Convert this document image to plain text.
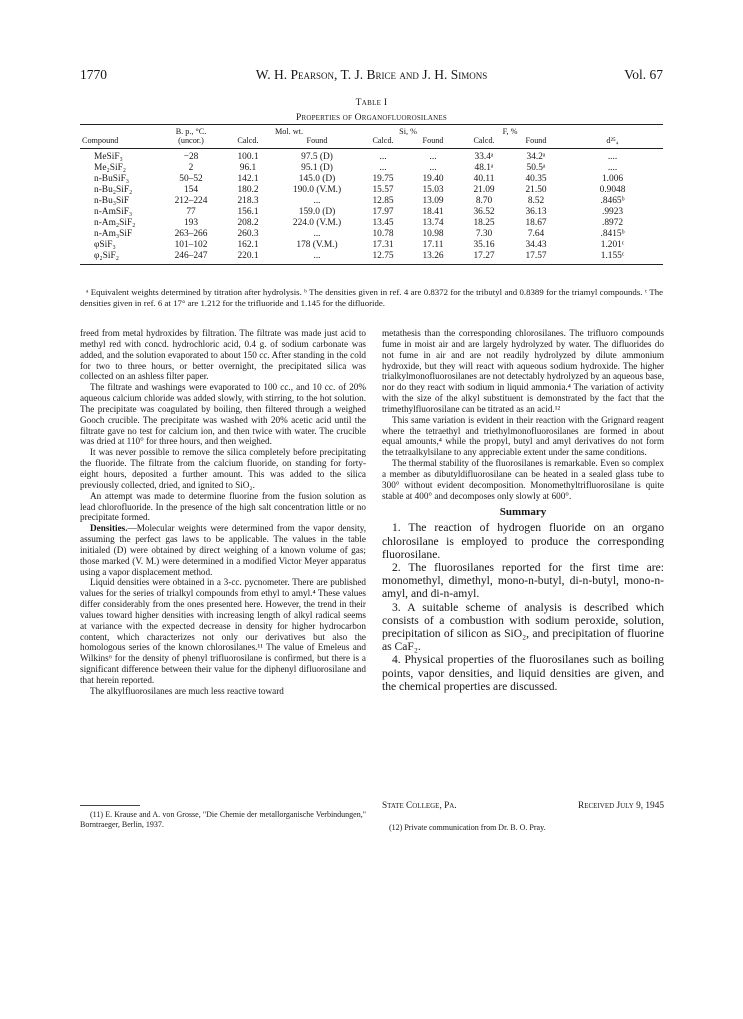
1770	W. H. Pearson, T. J. Brice and J. H. Simons	Vol. 67
Table I
Properties of Organofluorosilanes
	B. p., °C.	Mol. wt.		Si, %		F, %		
Compound	(uncor.)	Calcd.	Found	Calcd.	Found	Calcd.	Found	d²⁵₄
MeSiF₃	−28	100.1	97.5 (D)	...	...	33.4ᵃ	34.2ᵃ	....
Me₂SiF₂	2	96.1	95.1 (D)	...	...	48.1ᵃ	50.5ᵃ	....
n-BuSiF₃	50–52	142.1	145.0 (D)	19.75	19.40	40.11	40.35	1.006
n-Bu₂SiF₂	154	180.2	190.0 (V.M.)	15.57	15.03	21.09	21.50	0.9048
n-Bu₃SiF	212–224	218.3	...	12.85	13.09	8.70	8.52	.8465ᵇ
n-AmSiF₃	77	156.1	159.0 (D)	17.97	18.41	36.52	36.13	.9923
n-Am₂SiF₂	193	208.2	224.0 (V.M.)	13.45	13.74	18.25	18.67	.8972
n-Am₃SiF	263–266	260.3	...	10.78	10.98	7.30	7.64	.8415ᵇ
φSiF₃	101–102	162.1	178 (V.M.)	17.31	17.11	35.16	34.43	1.201ᶜ
φ₂SiF₂	246–247	220.1	...	12.75	13.26	17.27	17.57	1.155ᶜ
ᵃ Equivalent weights determined by titration after hydrolysis. ᵇ The densities given in ref. 4 are 0.8372 for the tributyl and 0.8389 for the triamyl compounds. ᶜ The densities given in ref. 6 at 17° are 1.212 for the trifluoride and 1.145 for the difluoride.

freed from metal hydroxides by filtration. The filtrate was made just acid to methyl red with concd. hydrochloric acid, 0.4 g. of sodium carbonate was added, and the solution evaporated to about 150 cc. After standing in the cold for two to three hours, or better overnight, the precipitated silica was collected on an ashless filter paper.

The filtrate and washings were evaporated to 100 cc., and 10 cc. of 20% aqueous calcium chloride was added slowly, with stirring, to the hot solution. The precipitate was coagulated by boiling, then filtered through a weighed Gooch crucible. The precipitate was washed with 20% acetic acid until the filtrate gave no test for calcium ion, and then twice with water. The crucible was dried at 110° for three hours, and then weighed.

It was never possible to remove the silica completely before precipitating the fluoride. The filtrate from the calcium fluoride, on standing for forty-eight hours, deposited a further amount. This was added to the silica previously collected, dried, and ignited to SiO₂.

An attempt was made to determine fluorine from the fusion solution as lead chlorofluoride. In the presence of the high salt concentration little or no precipitate formed.

Densities.—Molecular weights were determined from the vapor density, assuming the perfect gas laws to be applicable. The values in the table initialed (D) were obtained by direct weighing of a known volume of gas; those marked (V. M.) were determined in a modified Victor Meyer apparatus using a vapor displacement method.

Liquid densities were obtained in a 3-cc. pycnometer. There are published values for the series of trialkyl compounds from ethyl to amyl.⁴ These values differ considerably from the ones presented here. However, the trend in their values toward higher densities with increasing length of alkyl radical seems at variance with the expected decrease in density for higher hydrocarbon content, which characterizes not only our derivatives but also the homologous series of the known chlorosilanes.¹¹ The value of Emeleus and Wilkins⁶ for the density of phenyl trifluorosilane is confirmed, but there is a significant difference between their value for the diphenyl difluorosilane and that herein reported.

The alkylfluorosilanes are much less reactive toward

(11) E. Krause and A. von Grosse, "Die Chemie der metallorganische Verbindungen," Borntraeger, Berlin, 1937.

metathesis than the corresponding chlorosilanes. The trifluoro compounds fume in moist air and are largely hydrolyzed by water. The difluorides do not fume in air and are not readily hydrolyzed by dilute ammonium hydroxide, but they will react with aqueous sodium hydroxide. The higher trialkylmonofluorosilanes are not detectably hydrolyzed by an aqueous base, nor do they react with sodium in liquid ammonia.⁴ The variation of activity with the size of the alkyl substituent is demonstrated by the fact that the trimethylfluorosilane can be titrated as an acid.¹²

This same variation is evident in their reaction with the Grignard reagent where the tetraethyl and triethylmonofluorosilanes are formed in about equal amounts,⁴ while the propyl, butyl and amyl derivatives do not form the tetraalkylsilane to any appreciable extent under the same conditions.

The thermal stability of the fluorosilanes is remarkable. Even so complex a member as dibutyldifluorosilane can be heated in a sealed glass tube to 300° without evident decomposition. Monomethyltrifluorosilane is quite stable at 400° and decomposes only slowly at 600°.

Summary

1. The reaction of hydrogen fluoride on an organo chlorosilane is employed to produce the corresponding fluorosilane.

2. The fluorosilanes reported for the first time are: monomethyl, dimethyl, mono-n-butyl, di-n-butyl, mono-n-amyl, and di-n-amyl.

3. A suitable scheme of analysis is described which consists of a combustion with sodium peroxide, solution, precipitation of silicon as SiO₂, and precipitation of fluorine as CaF₂.

4. Physical properties of the fluorosilanes such as boiling points, vapor densities, and liquid densities are given, and the chemical properties are discussed.

State College, Pa.	Received July 9, 1945
(12) Private communication from Dr. B. O. Pray.
